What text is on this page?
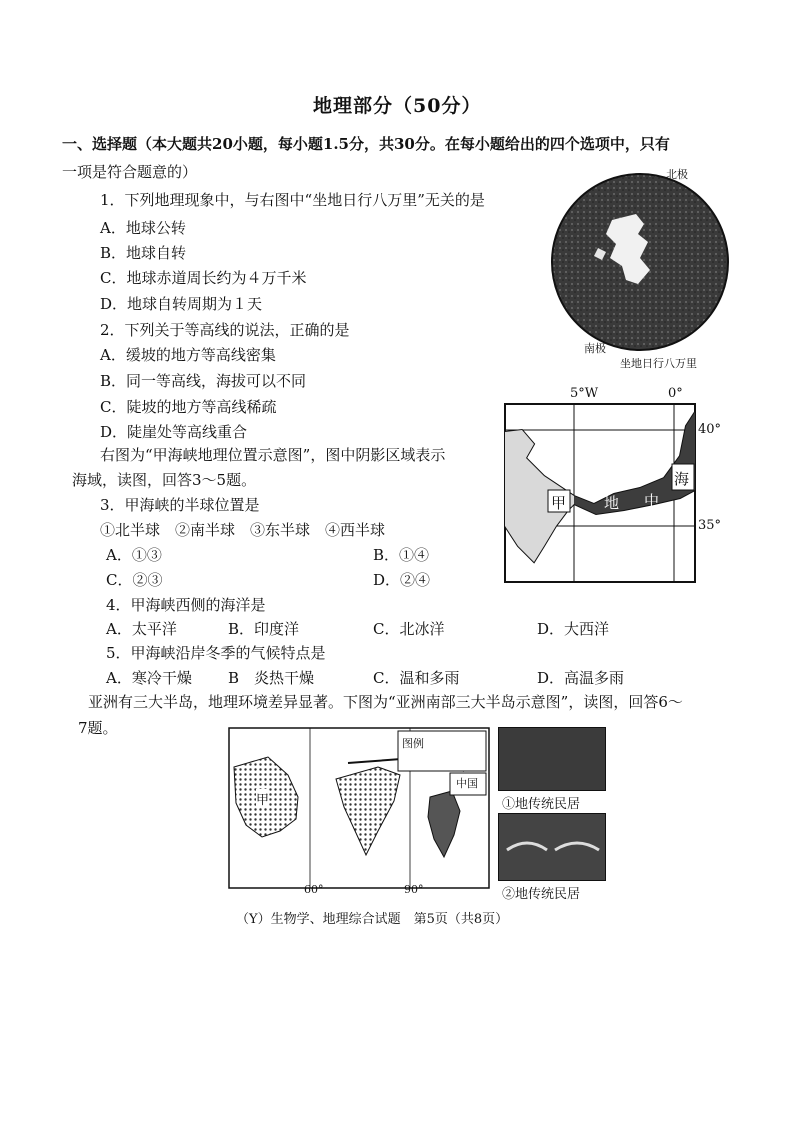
地理部分（50分）
一、选择题（本大题共20小题，每小题1.5分，共30分。在每小题给出的四个选项中，只有
一项是符合题意的）
1．下列地理现象中，与右图中“坐地日行八万里”无关的是
A．地球公转
B．地球自转
C．地球赤道周长约为４万千米
D．地球自转周期为１天
2．下列关于等高线的说法，正确的是
A．缓坡的地方等高线密集
B．同一等高线，海拔可以不同
C．陡坡的地方等高线稀疏
D．陡崖处等高线重合
右图为“甲海峡地理位置示意图”，图中阴影区域表示
海域，读图，回答3～5题。
3．甲海峡的半球位置是
①北半球　②南半球　③东半球　④西半球
A．①③	B．①④
C．②③	D．②④
4．甲海峡西侧的海洋是
A．太平洋	B．印度洋	C．北冰洋	D．大西洋
5．甲海峡沿岸冬季的气候特点是
A．寒冷干燥 B　炎热干燥	C．温和多雨	D．高温多雨
亚洲有三大半岛，地理环境差异显著。下图为“亚洲南部三大半岛示意图”，读图，回答6～
7题。
北极
南极
坐地日行八万里
5°W	0°
40°
35°
甲	地 中
海
图例
中国
60°	90°
甲	①地传统民居
②地传统民居
（Y）生物学、地理综合试题　第5页（共8页）
